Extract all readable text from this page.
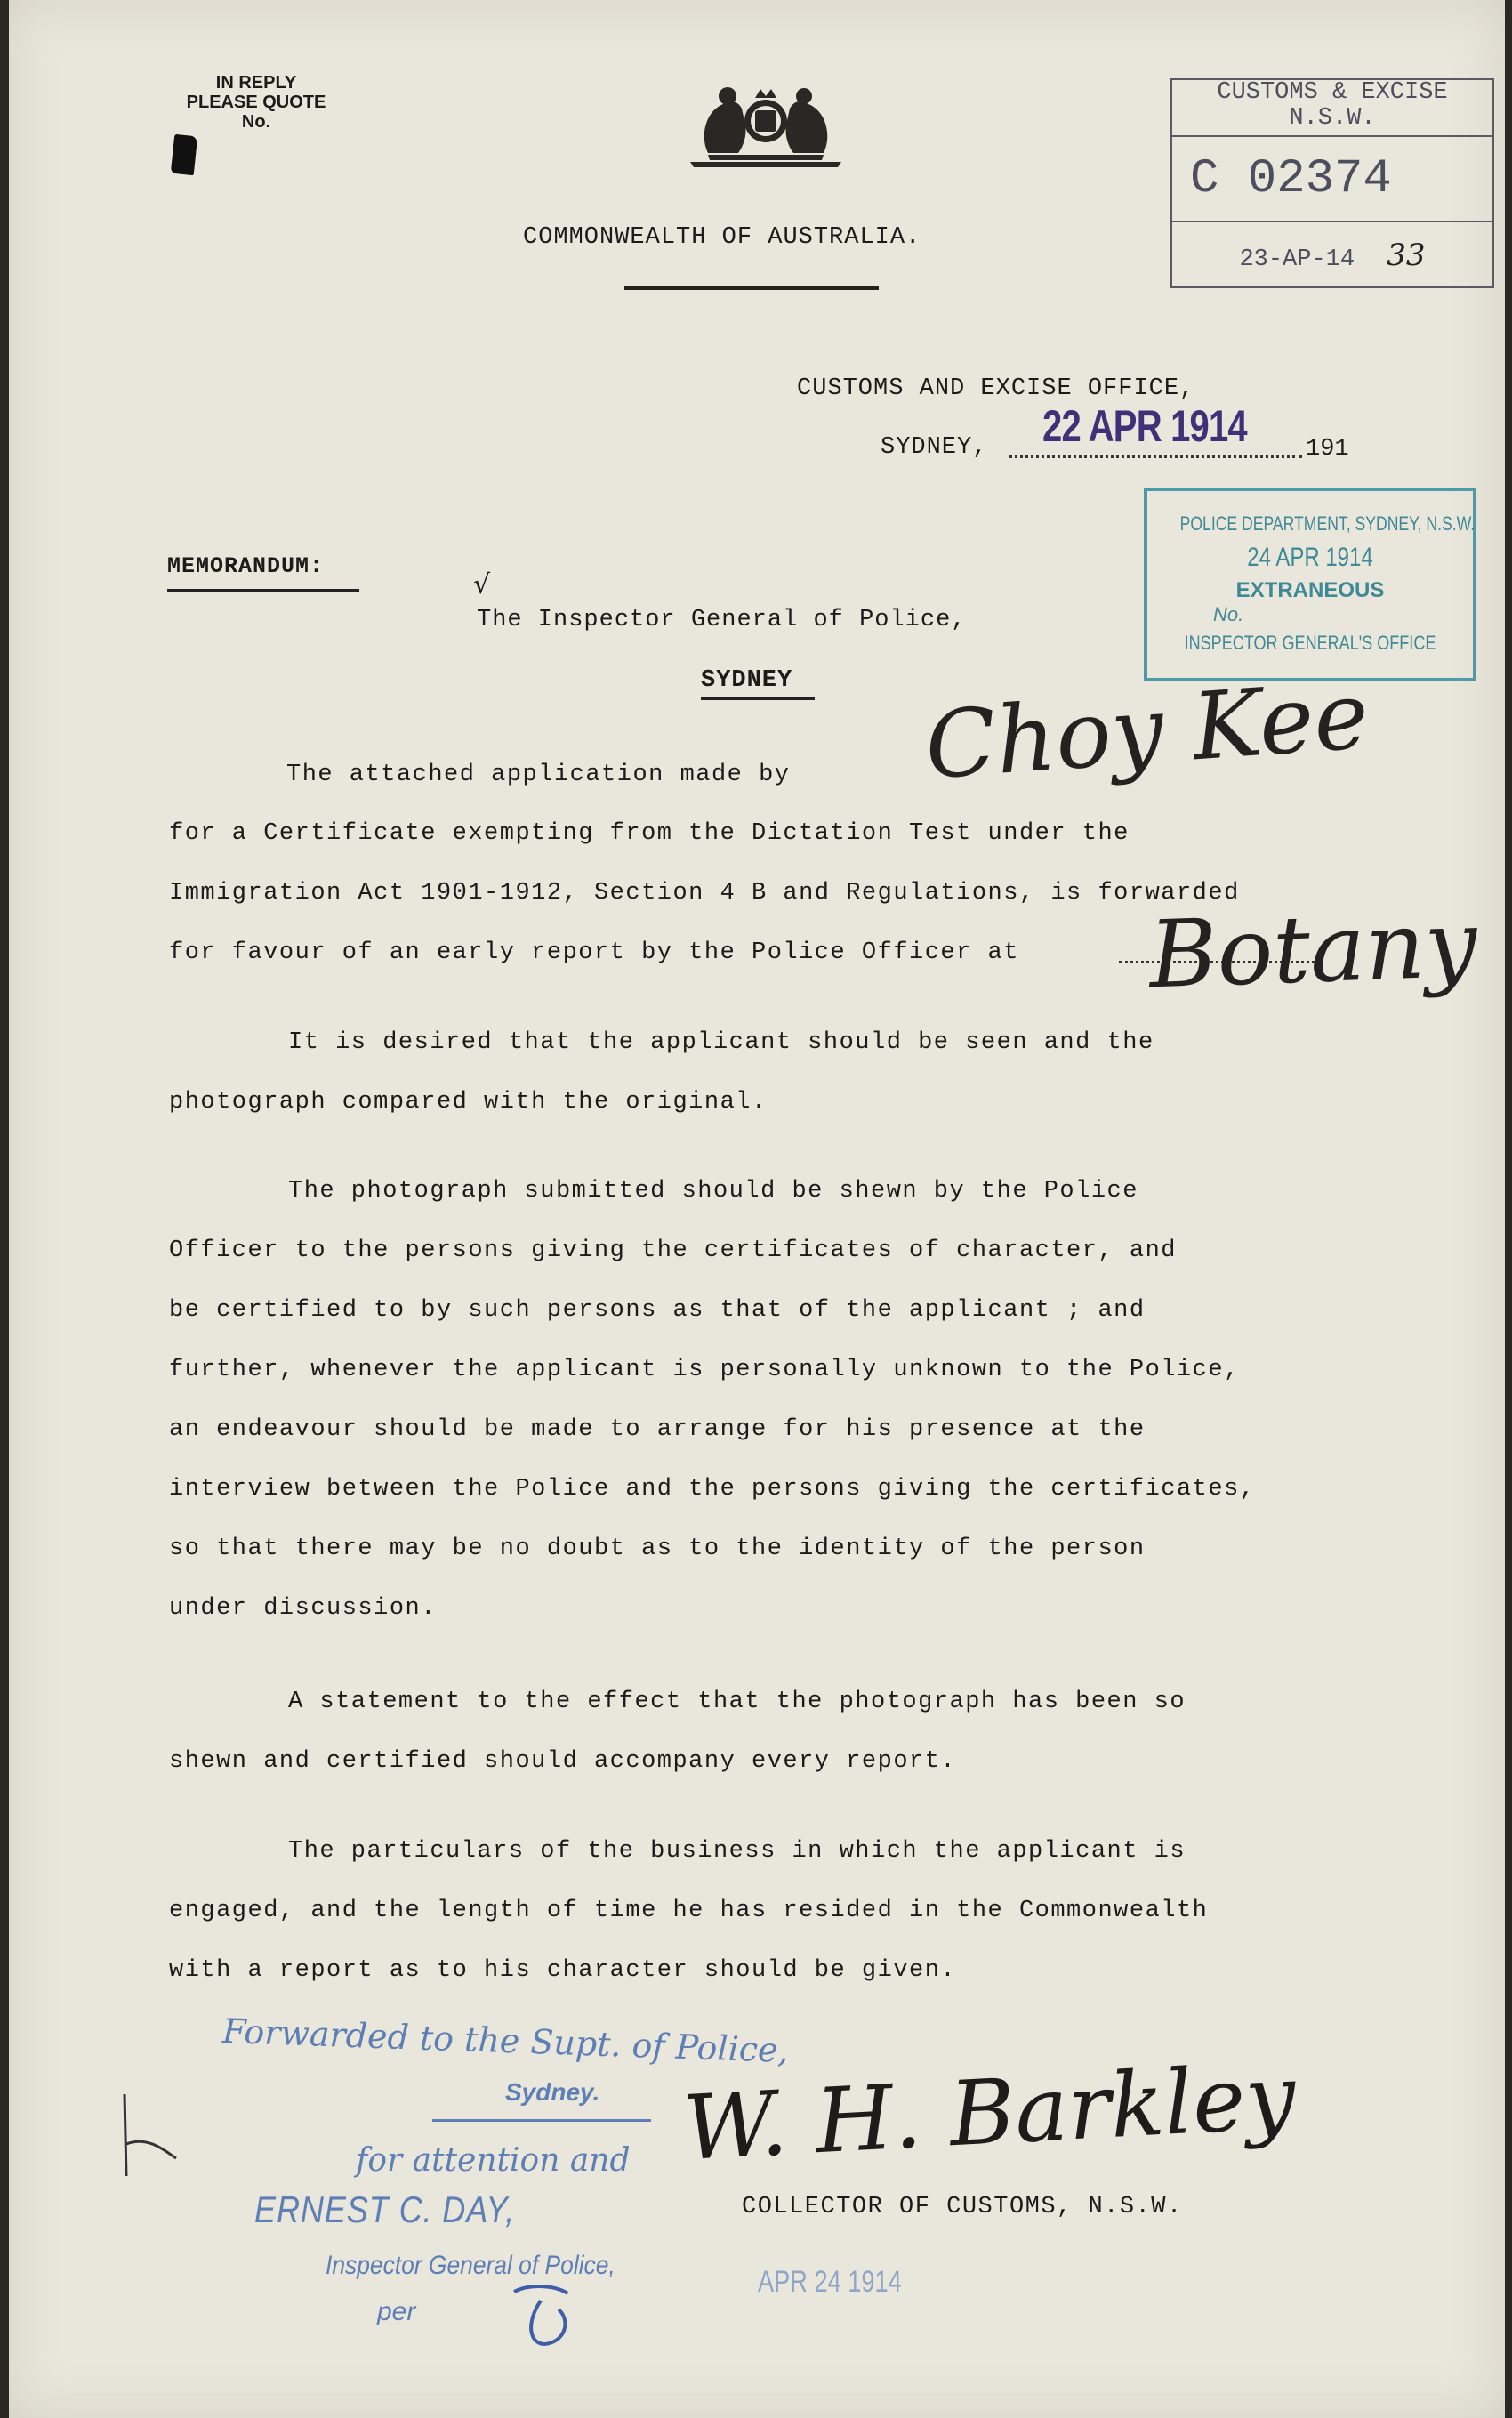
IN REPLY
PLEASE QUOTE
No.
COMMONWEALTH OF AUSTRALIA.
CUSTOMS & EXCISE
N.S.W.
C 02374
23-AP-14 33
CUSTOMS AND EXCISE OFFICE,
SYDNEY, 22 APR 1914 191
POLICE DEPARTMENT, SYDNEY, N.S.W.
24 APR 1914
EXTRANEOUS
No.
INSPECTOR GENERAL'S OFFICE
MEMORANDUM:
√
The Inspector General of Police,
SYDNEY
The attached application made by Choy Kee
for a Certificate exempting from the Dictation Test under the
Immigration Act 1901-1912, Section 4 B and Regulations, is forwarded
for favour of an early report by the Police Officer at Botany
It is desired that the applicant should be seen and the
photograph compared with the original.
The photograph submitted should be shewn by the Police
Officer to the persons giving the certificates of character, and
be certified to by such persons as that of the applicant ; and
further, whenever the applicant is personally unknown to the Police,
an endeavour should be made to arrange for his presence at the
interview between the Police and the persons giving the certificates,
so that there may be no doubt as to the identity of the person
under discussion.
A statement to the effect that the photograph has been so
shewn and certified should accompany every report.
The particulars of the business in which the applicant is
engaged, and the length of time he has resided in the Commonwealth
with a report as to his character should be given.
Forwarded to the Supt. of Police,
Sydney.
for attention and
ERNEST C. DAY,
Inspector General of Police,
per
APR 24 1914
W. H. Barkley
COLLECTOR OF CUSTOMS, N.S.W.
